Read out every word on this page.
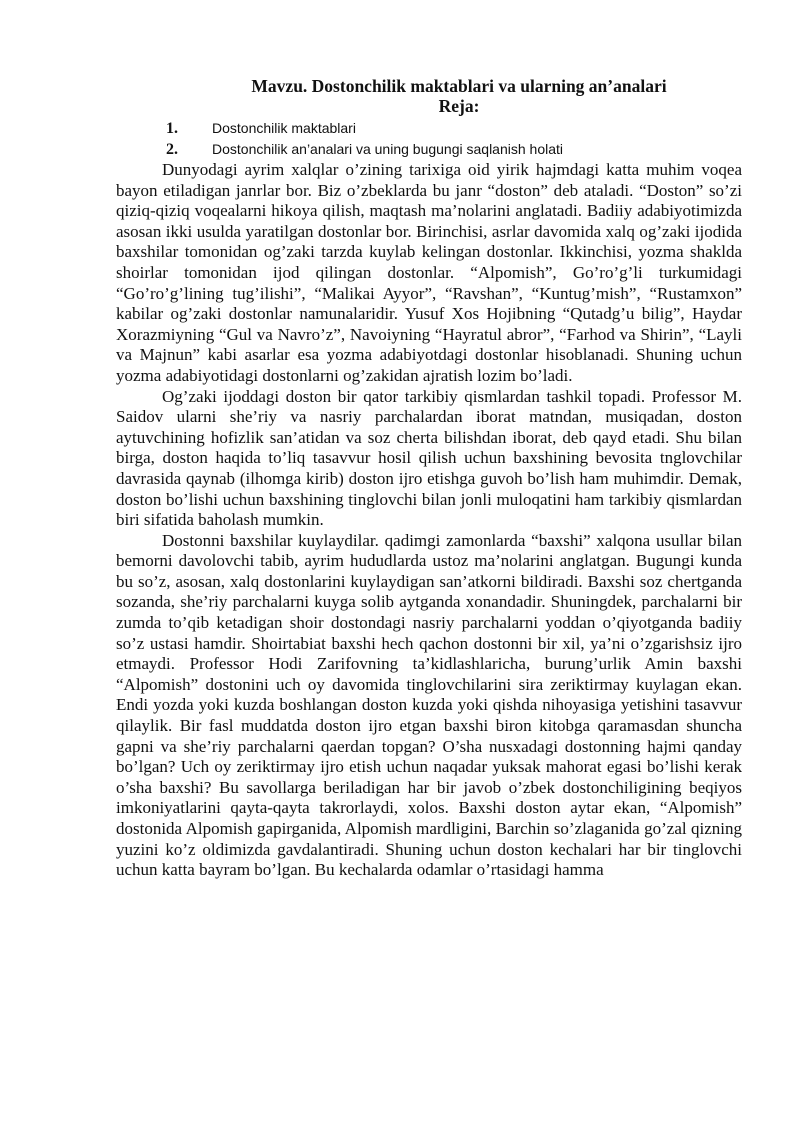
Mavzu. Dostonchilik maktablari va ularning an’analari
Reja:
1.	Dostonchilik maktablari
2.	Dostonchilik an’analari va uning bugungi saqlanish holati

Dunyodagi ayrim xalqlar o’zining tarixiga oid yirik hajmdagi katta muhim voqea bayon etiladigan janrlar bor. Biz o’zbeklarda bu janr “doston” deb ataladi. “Doston” so’zi qiziq-qiziq voqealarni hikoya qilish, maqtash ma’nolarini anglatadi. Badiiy adabiyotimizda asosan ikki usulda yaratilgan dostonlar bor. Birinchisi, asrlar davomida xalq og’zaki ijodida baxshilar tomonidan og’zaki tarzda kuylab kelingan dostonlar. Ikkinchisi, yozma shaklda shoirlar tomonidan ijod qilingan dostonlar. “Alpomish”, Go’ro’g’li turkumidagi “Go’ro’g’lining tug’ilishi”, “Malikai Ayyor”, “Ravshan”, “Kuntug’mish”, “Rustamxon” kabilar og’zaki dostonlar namunalaridir. Yusuf Xos Hojibning “Qutadg’u bilig”, Haydar Xorazmiyning “Gul va Navro’z”, Navoiyning “Hayratul abror”, “Farhod va Shirin”, “Layli va Majnun” kabi asarlar esa yozma adabiyotdagi dostonlar hisoblanadi. Shuning uchun yozma adabiyotidagi dostonlarni og’zakidan ajratish lozim bo’ladi.

Og’zaki ijoddagi doston bir qator tarkibiy qismlardan tashkil topadi. Professor M. Saidov ularni she’riy va nasriy parchalardan iborat matndan, musiqadan, doston aytuvchining hofizlik san’atidan va soz cherta bilishdan iborat, deb qayd etadi. Shu bilan birga, doston haqida to’liq tasavvur hosil qilish uchun baxshining bevosita tnglovchilar davrasida qaynab (ilhomga kirib) doston ijro etishga guvoh bo’lish ham muhimdir. Demak, doston bo’lishi uchun baxshining tinglovchi bilan jonli muloqatini ham tarkibiy qismlardan biri sifatida baholash mumkin.

Dostonni baxshilar kuylaydilar. qadimgi zamonlarda “baxshi” xalqona usullar bilan bemorni davolovchi tabib, ayrim hududlarda ustoz ma’nolarini anglatgan. Bugungi kunda bu so’z, asosan, xalq dostonlarini kuylaydigan san’atkorni bildiradi. Baxshi soz chertganda sozanda, she’riy parchalarni kuyga solib aytganda xonandadir. Shuningdek, parchalarni bir zumda to’qib ketadigan shoir dostondagi nasriy parchalarni yoddan o’qiyotganda badiiy so’z ustasi hamdir. Shoirtabiat baxshi hech qachon dostonni bir xil, ya’ni o’zgarishsiz ijro etmaydi. Professor Hodi Zarifovning ta’kidlashlaricha, burung’urlik Amin baxshi “Alpomish” dostonini uch oy davomida tinglovchilarini sira zeriktirmay kuylagan ekan. Endi yozda yoki kuzda boshlangan doston kuzda yoki qishda nihoyasiga yetishini tasavvur qilaylik. Bir fasl muddatda doston ijro etgan baxshi biron kitobga qaramasdan shuncha gapni va she’riy parchalarni qaerdan topgan? O’sha nusxadagi dostonning hajmi qanday bo’lgan? Uch oy zeriktirmay ijro etish uchun naqadar yuksak mahorat egasi bo’lishi kerak o’sha baxshi? Bu savollarga beriladigan har bir javob o’zbek dostonchiligining beqiyos imkoniyatlarini qayta-qayta takrorlaydi, xolos. Baxshi doston aytar ekan, “Alpomish” dostonida Alpomish gapirganida, Alpomish mardligini, Barchin so’zlaganida go’zal qizning yuzini ko’z oldimizda gavdalantiradi. Shuning uchun doston kechalari har bir tinglovchi uchun katta bayram bo’lgan. Bu kechalarda odamlar o’rtasidagi hamma
